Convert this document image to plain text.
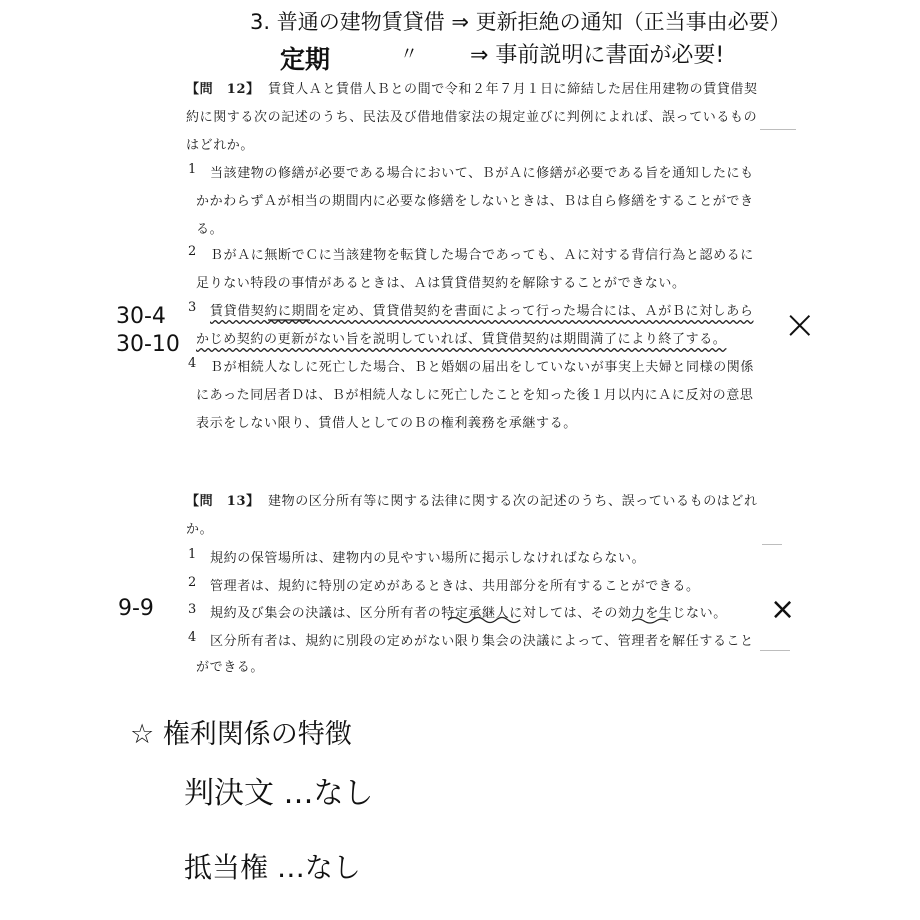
3. 普通の建物賃貸借 ⇒ 更新拒絶の通知（正当事由必要）
定期	〃 ⇒ 事前説明に書面が必要!
【問　12】 賃貸人Ａと賃借人Ｂとの間で令和２年７月１日に締結した居住用建物の賃貸借契
約に関する次の記述のうち、民法及び借地借家法の規定並びに判例によれば、誤っているもの
はどれか。
1 当該建物の修繕が必要である場合において、ＢがＡに修繕が必要である旨を通知したにも
かかわらずＡが相当の期間内に必要な修繕をしないときは、Ｂは自ら修繕をすることができ
る。
2 ＢがＡに無断でＣに当該建物を転貸した場合であっても、Ａに対する背信行為と認めるに
足りない特段の事情があるときは、Ａは賃貸借契約を解除することができない。
3 賃貸借契約に期間を定め、賃貸借契約を書面によって行った場合には、ＡがＢに対しあら
かじめ契約の更新がない旨を説明していれば、賃貸借契約は期間満了により終了する。
4 Ｂが相続人なしに死亡した場合、Ｂと婚姻の届出をしていないが事実上夫婦と同様の関係
にあった同居者Ｄは、Ｂが相続人なしに死亡したことを知った後１月以内にＡに反対の意思
表示をしない限り、賃借人としてのＢの権利義務を承継する。
30-4
30-10	×
【問　13】 建物の区分所有等に関する法律に関する次の記述のうち、誤っているものはどれ
か。
1 規約の保管場所は、建物内の見やすい場所に掲示しなければならない。
2 管理者は、規約に特別の定めがあるときは、共用部分を所有することができる。
3 規約及び集会の決議は、区分所有者の特定承継人に対しては、その効力を生じない。
4 区分所有者は、規約に別段の定めがない限り集会の決議によって、管理者を解任すること
ができる。
9-9	×
☆ 権利関係の特徴
判決文 …なし
抵当権 …なし
